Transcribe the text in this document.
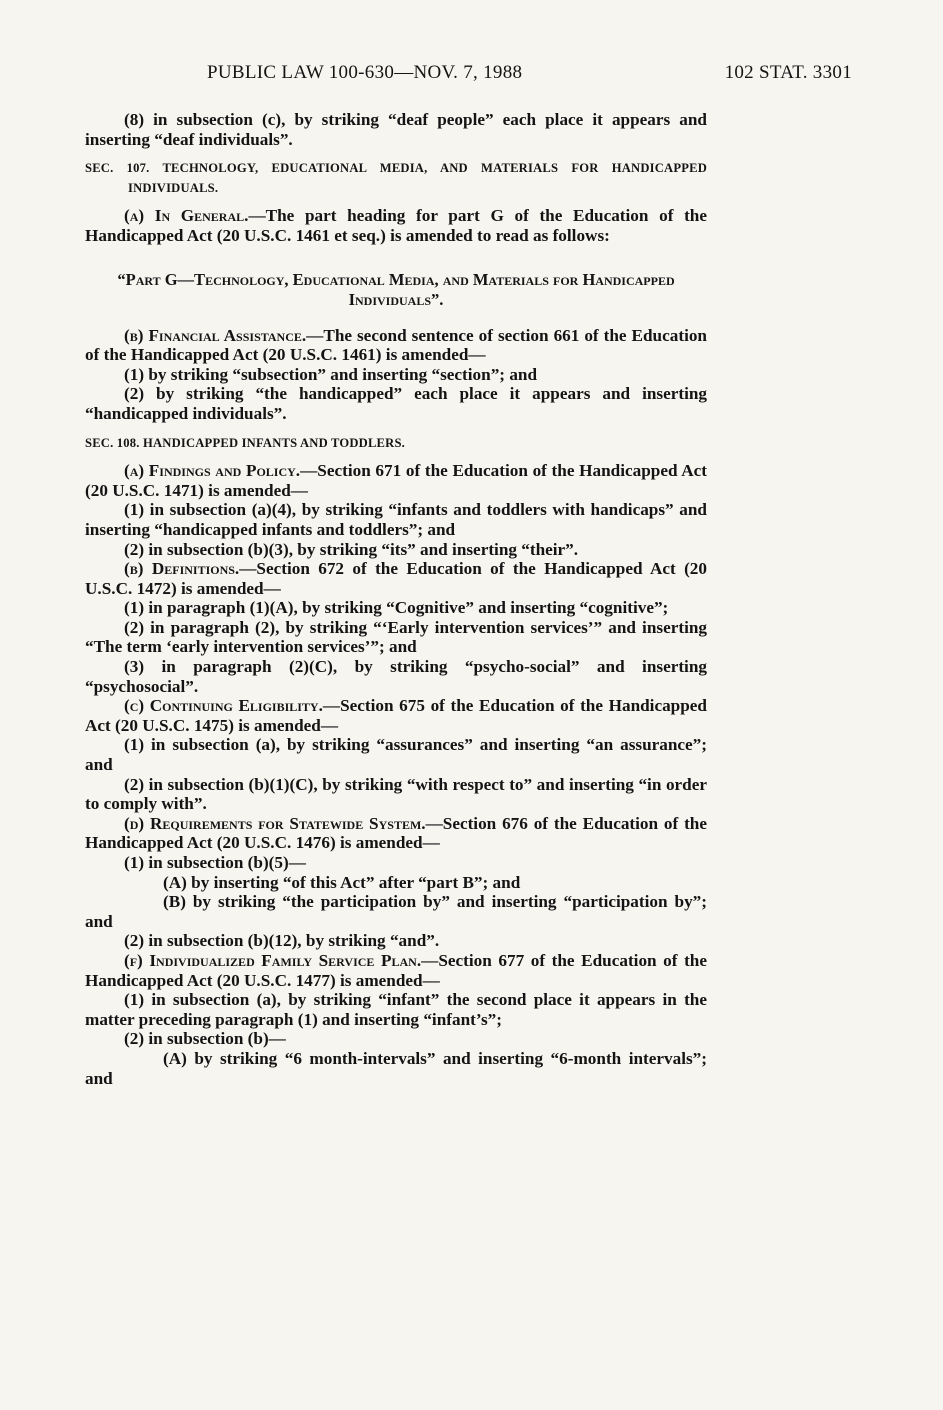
PUBLIC LAW 100-630—NOV. 7, 1988	102 STAT. 3301

(8) in subsection (c), by striking “deaf people” each place it appears and inserting “deaf individuals”.

SEC. 107. TECHNOLOGY, EDUCATIONAL MEDIA, AND MATERIALS FOR HANDICAPPED INDIVIDUALS.

(a) In General.—The part heading for part G of the Education of the Handicapped Act (20 U.S.C. 1461 et seq.) is amended to read as follows:

“Part G—Technology, Educational Media, and Materials for Handicapped Individuals”.

(b) Financial Assistance.—The second sentence of section 661 of the Education of the Handicapped Act (20 U.S.C. 1461) is amended—

(1) by striking “subsection” and inserting “section”; and

(2) by striking “the handicapped” each place it appears and inserting “handicapped individuals”.

SEC. 108. HANDICAPPED INFANTS AND TODDLERS.

(a) Findings and Policy.—Section 671 of the Education of the Handicapped Act (20 U.S.C. 1471) is amended—

(1) in subsection (a)(4), by striking “infants and toddlers with handicaps” and inserting “handicapped infants and toddlers”; and

(2) in subsection (b)(3), by striking “its” and inserting “their”.

(b) Definitions.—Section 672 of the Education of the Handicapped Act (20 U.S.C. 1472) is amended—

(1) in paragraph (1)(A), by striking “Cognitive” and inserting “cognitive”;

(2) in paragraph (2), by striking “‘Early intervention services’” and inserting “The term ‘early intervention services’”; and

(3) in paragraph (2)(C), by striking “psycho-social” and inserting “psychosocial”.

(c) Continuing Eligibility.—Section 675 of the Education of the Handicapped Act (20 U.S.C. 1475) is amended—

(1) in subsection (a), by striking “assurances” and inserting “an assurance”; and

(2) in subsection (b)(1)(C), by striking “with respect to” and inserting “in order to comply with”.

(d) Requirements for Statewide System.—Section 676 of the Education of the Handicapped Act (20 U.S.C. 1476) is amended—

(1) in subsection (b)(5)—

(A) by inserting “of this Act” after “part B”; and

(B) by striking “the participation by” and inserting “participation by”; and

(2) in subsection (b)(12), by striking “and”.

(f) Individualized Family Service Plan.—Section 677 of the Education of the Handicapped Act (20 U.S.C. 1477) is amended—

(1) in subsection (a), by striking “infant” the second place it appears in the matter preceding paragraph (1) and inserting “infant’s”;

(2) in subsection (b)—

(A) by striking “6 month-intervals” and inserting “6-month intervals”; and
